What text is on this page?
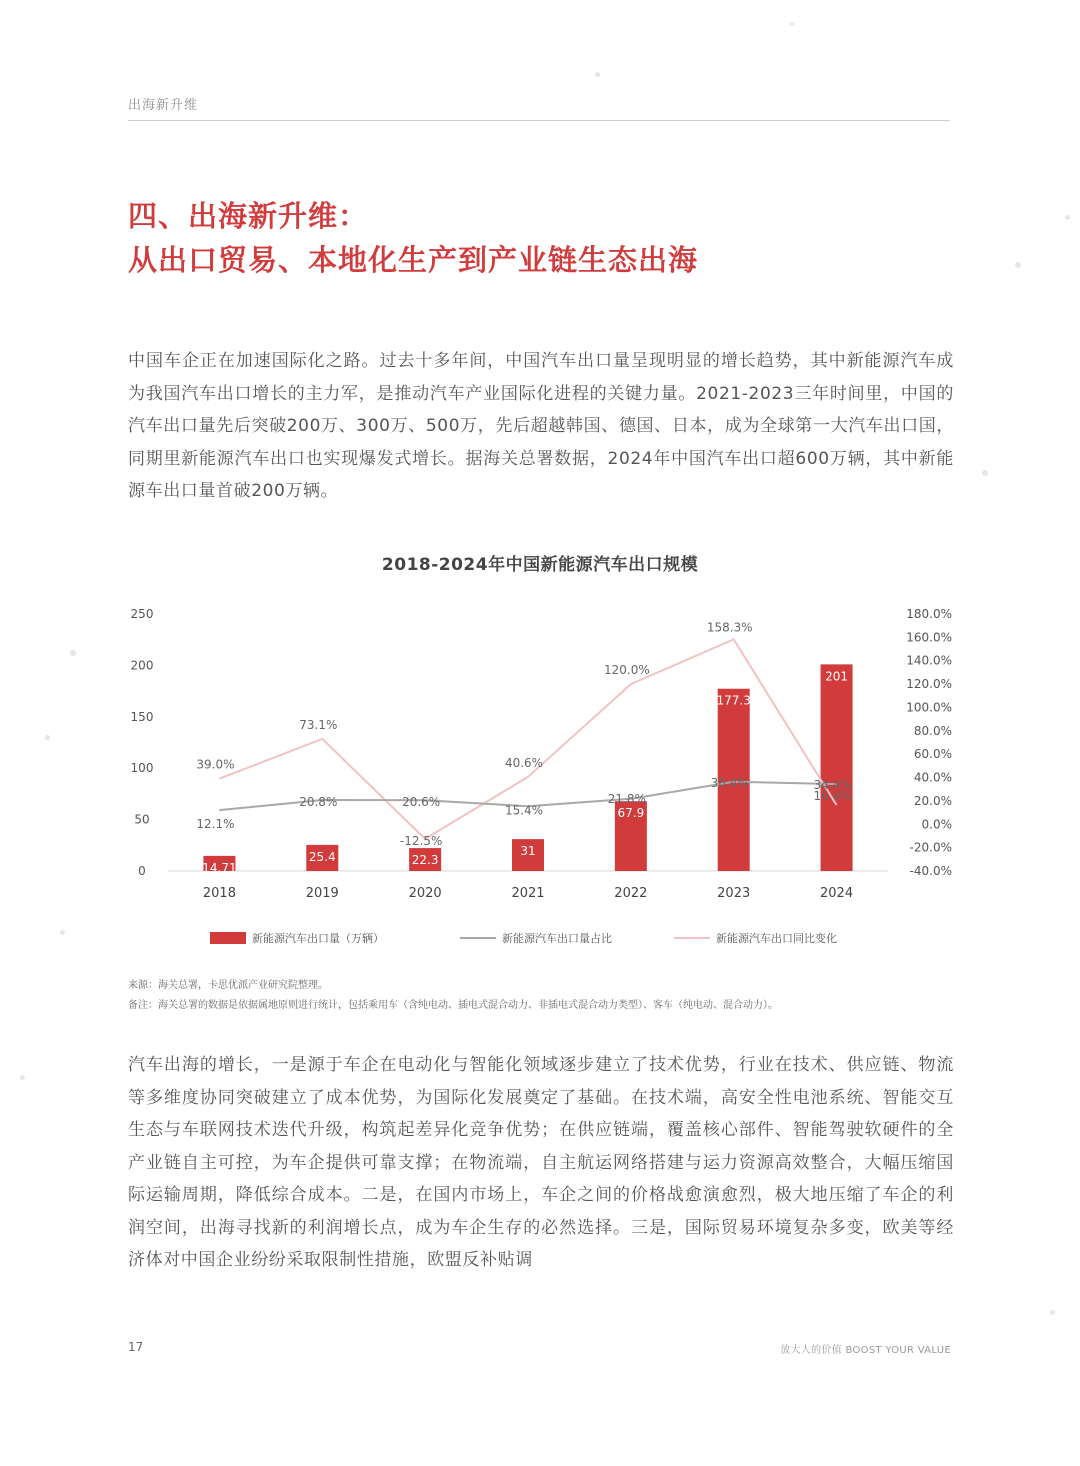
出海新升维
四、出海新升维：
从出口贸易、本地化生产到产业链生态出海
中国车企正在加速国际化之路。过去十多年间，中国汽车出口量呈现明显的增长趋势，其中新能源汽车成为我国汽车出口增长的主力军，是推动汽车产业国际化进程的关键力量。2021-2023三年时间里，中国的汽车出口量先后突破200万、300万、500万，先后超越韩国、德国、日本，成为全球第一大汽车出口国，同期里新能源汽车出口也实现爆发式增长。据海关总署数据，2024年中国汽车出口超600万辆，其中新能源车出口量首破200万辆。
2018-2024年中国新能源汽车出口规模
0
50
100
150
200
250
-40.0%
-20.0%
0.0%
20.0%
40.0%
60.0%
80.0%
100.0%
120.0%
140.0%
160.0%
180.0%
14.71
25.4	22.3
31
67.9
177.3
201
39.0%
73.1%
-12.5%
40.6%
120.0%
158.3%
16.4%
12.1%
20.8%	20.6%
15.4%
21.8%
36.4%	34.4%
2018	2019	2020	2021	2022	2023	2024
新能源汽车出口量（万辆）	新能源汽车出口量占比	新能源汽车出口同比变化
来源：海关总署，卡思优派产业研究院整理。
备注：海关总署的数据是依据属地原则进行统计，包括乘用车（含纯电动、插电式混合动力、非插电式混合动力类型）、客车（纯电动、混合动力）。
汽车出海的增长，一是源于车企在电动化与智能化领域逐步建立了技术优势，行业在技术、供应链、物流等多维度协同突破建立了成本优势，为国际化发展奠定了基础。在技术端，高安全性电池系统、智能交互生态与车联网技术迭代升级，构筑起差异化竞争优势；在供应链端，覆盖核心部件、智能驾驶软硬件的全产业链自主可控，为车企提供可靠支撑；在物流端，自主航运网络搭建与运力资源高效整合，大幅压缩国际运输周期，降低综合成本。二是，在国内市场上，车企之间的价格战愈演愈烈，极大地压缩了车企的利润空间，出海寻找新的利润增长点，成为车企生存的必然选择。三是，国际贸易环境复杂多变，欧美等经济体对中国企业纷纷采取限制性措施，欧盟反补贴调
17	放大人的价值 BOOST YOUR VALUE
